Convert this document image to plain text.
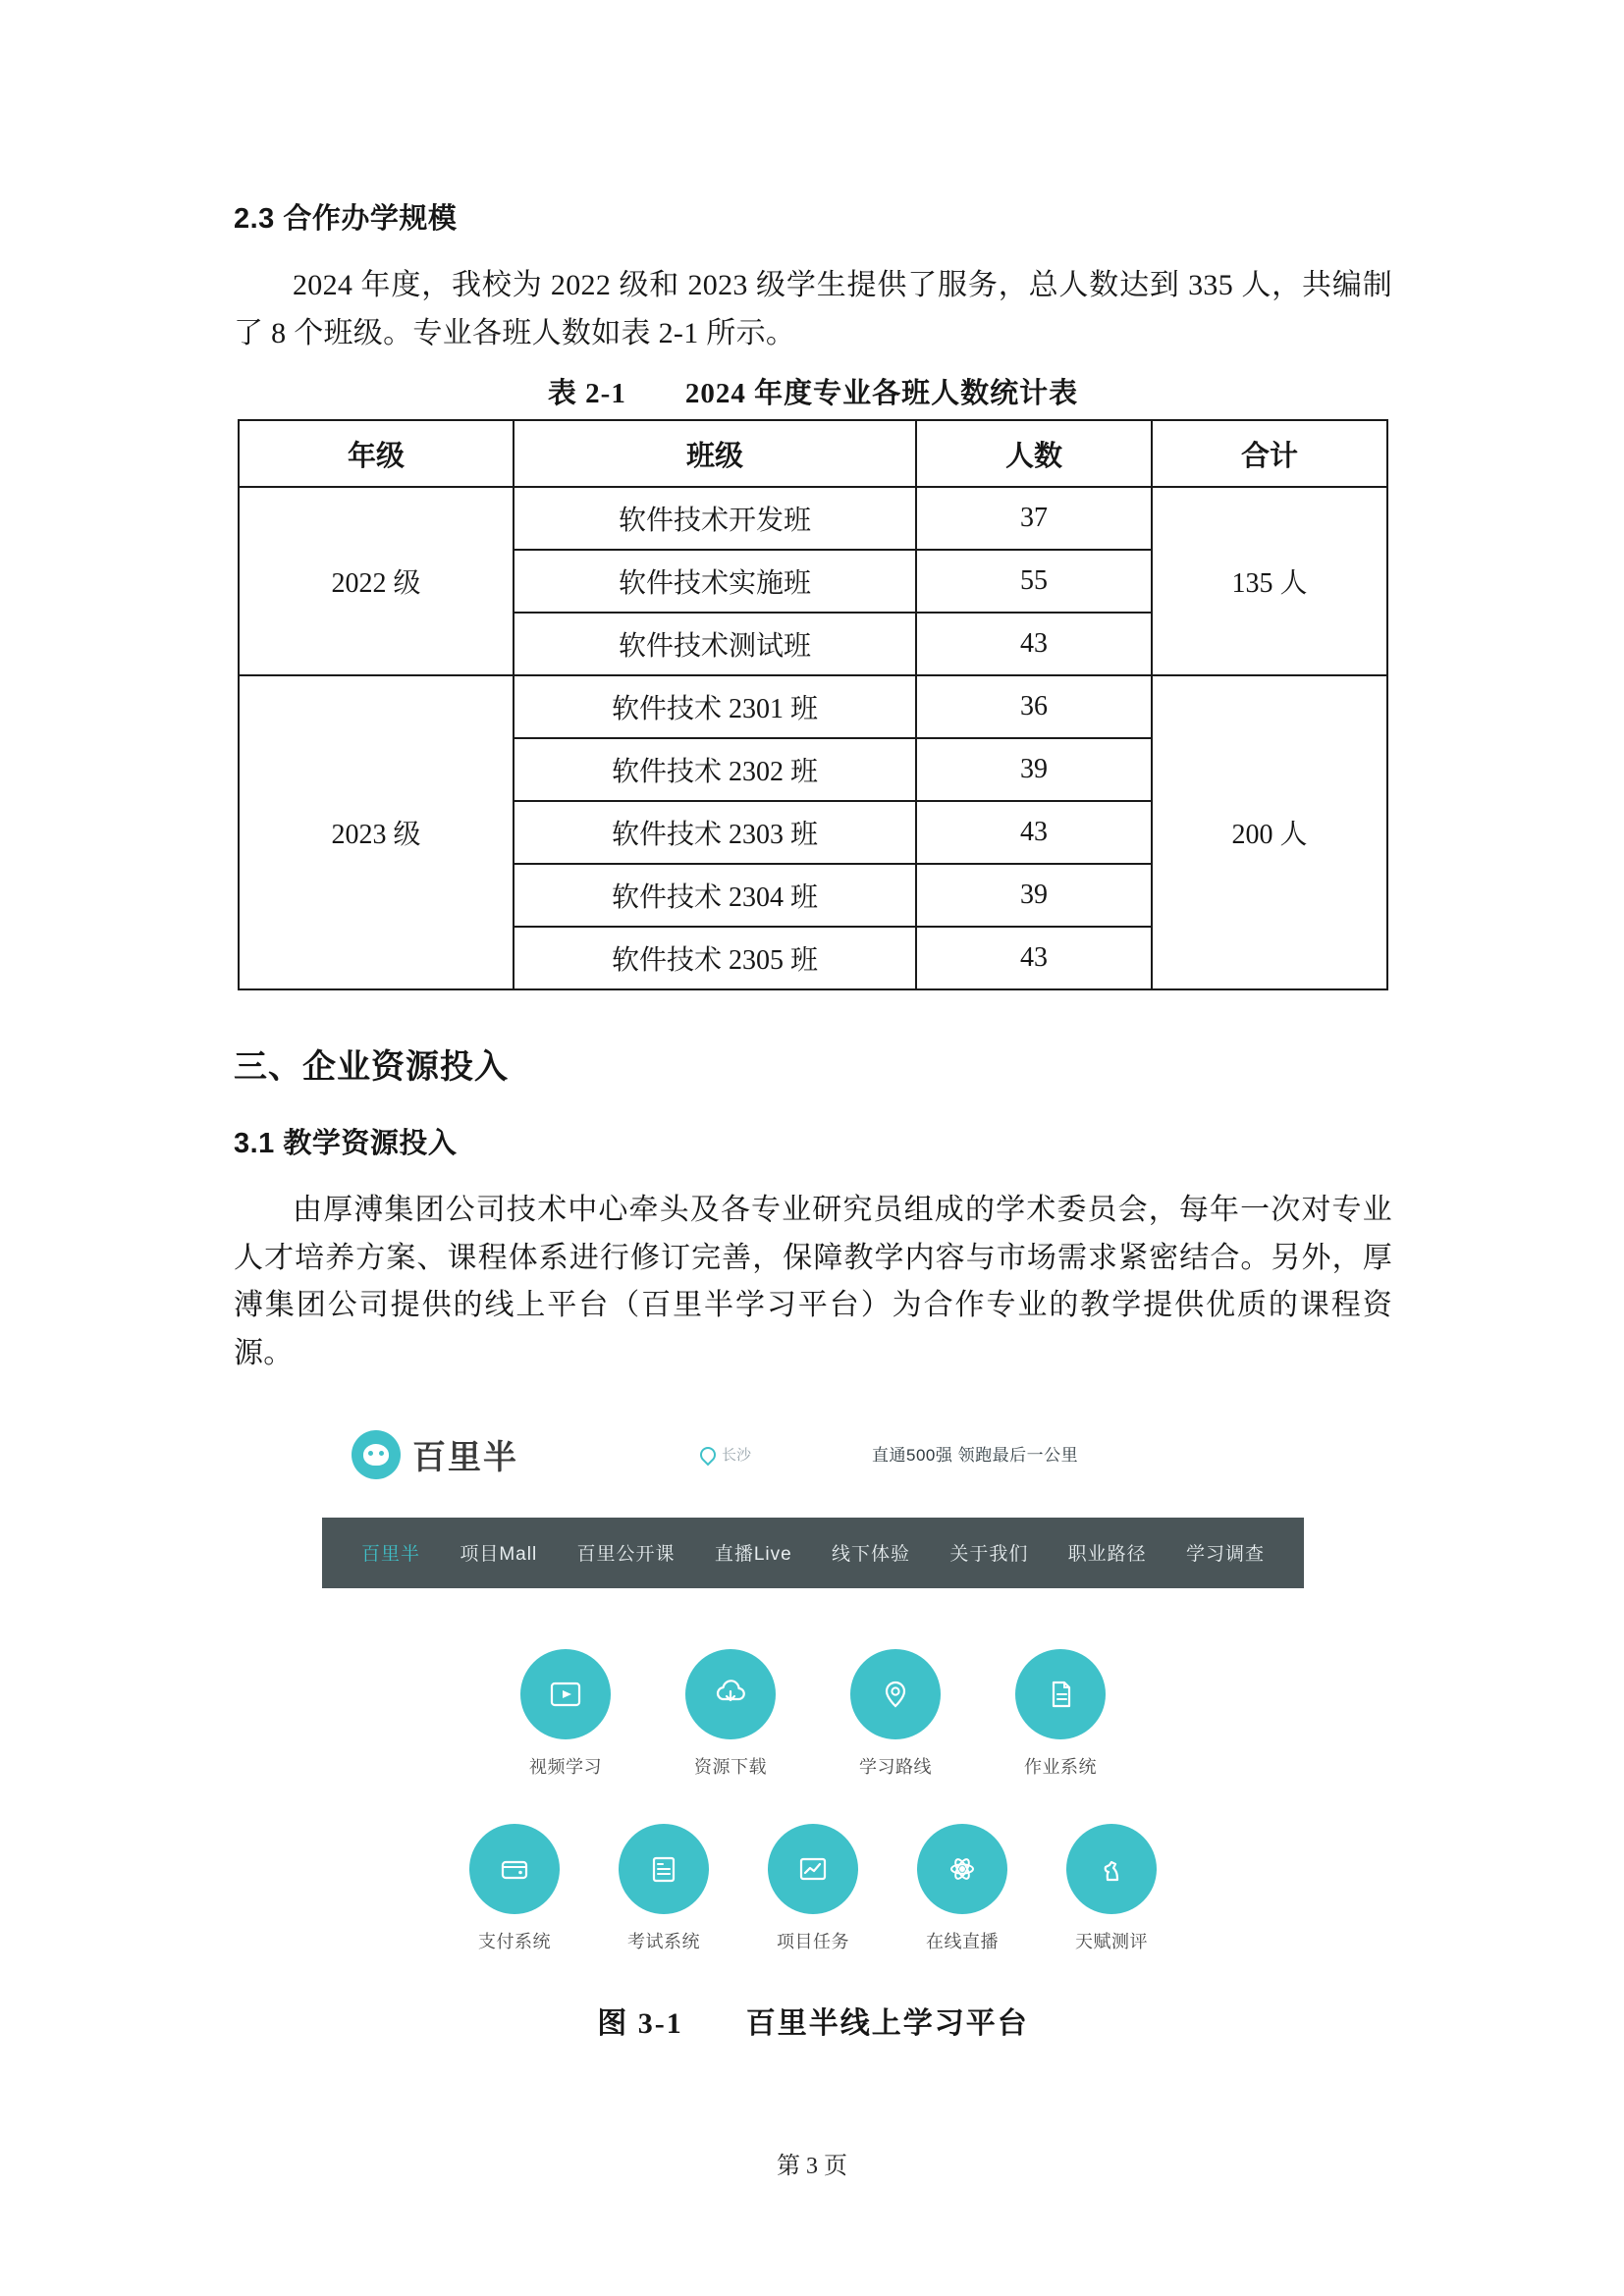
⠀ ⠀ ⠀ ⠀ ⠀
2.3 合作办学规模

2024 年度，我校为 2022 级和 2023 级学生提供了服务，总人数达到 335 人，共编制了 8 个班级。专业各班人数如表 2-1 所示。

表 2-1　　2024 年度专业各班人数统计表
年级	班级	人数	合计
2022 级	软件技术开发班	37	135 人
	软件技术实施班	55	
	软件技术测试班	43	
2023 级	软件技术 2301 班	36	200 人
	软件技术 2302 班	39	
	软件技术 2303 班	43	
	软件技术 2304 班	39	
	软件技术 2305 班	43	
三、企业资源投入
3.1 教学资源投入

由厚溥集团公司技术中心牵头及各专业研究员组成的学术委员会，每年一次对专业人才培养方案、课程体系进行修订完善，保障教学内容与市场需求紧密结合。另外，厚溥集团公司提供的线上平台（百里半学习平台）为合作专业的教学提供优质的课程资源。

百里半	长沙	直通500强 领跑最后一公里
百里半 项目Mall 百里公开课 直播Live 线下体验 关于我们 职业路径 学习调查
视频学习	资源下载	学习路线	作业系统
支付系统	考试系统	项目任务	在线直播	天赋测评
图 3-1　　百里半线上学习平台
第 3 页
